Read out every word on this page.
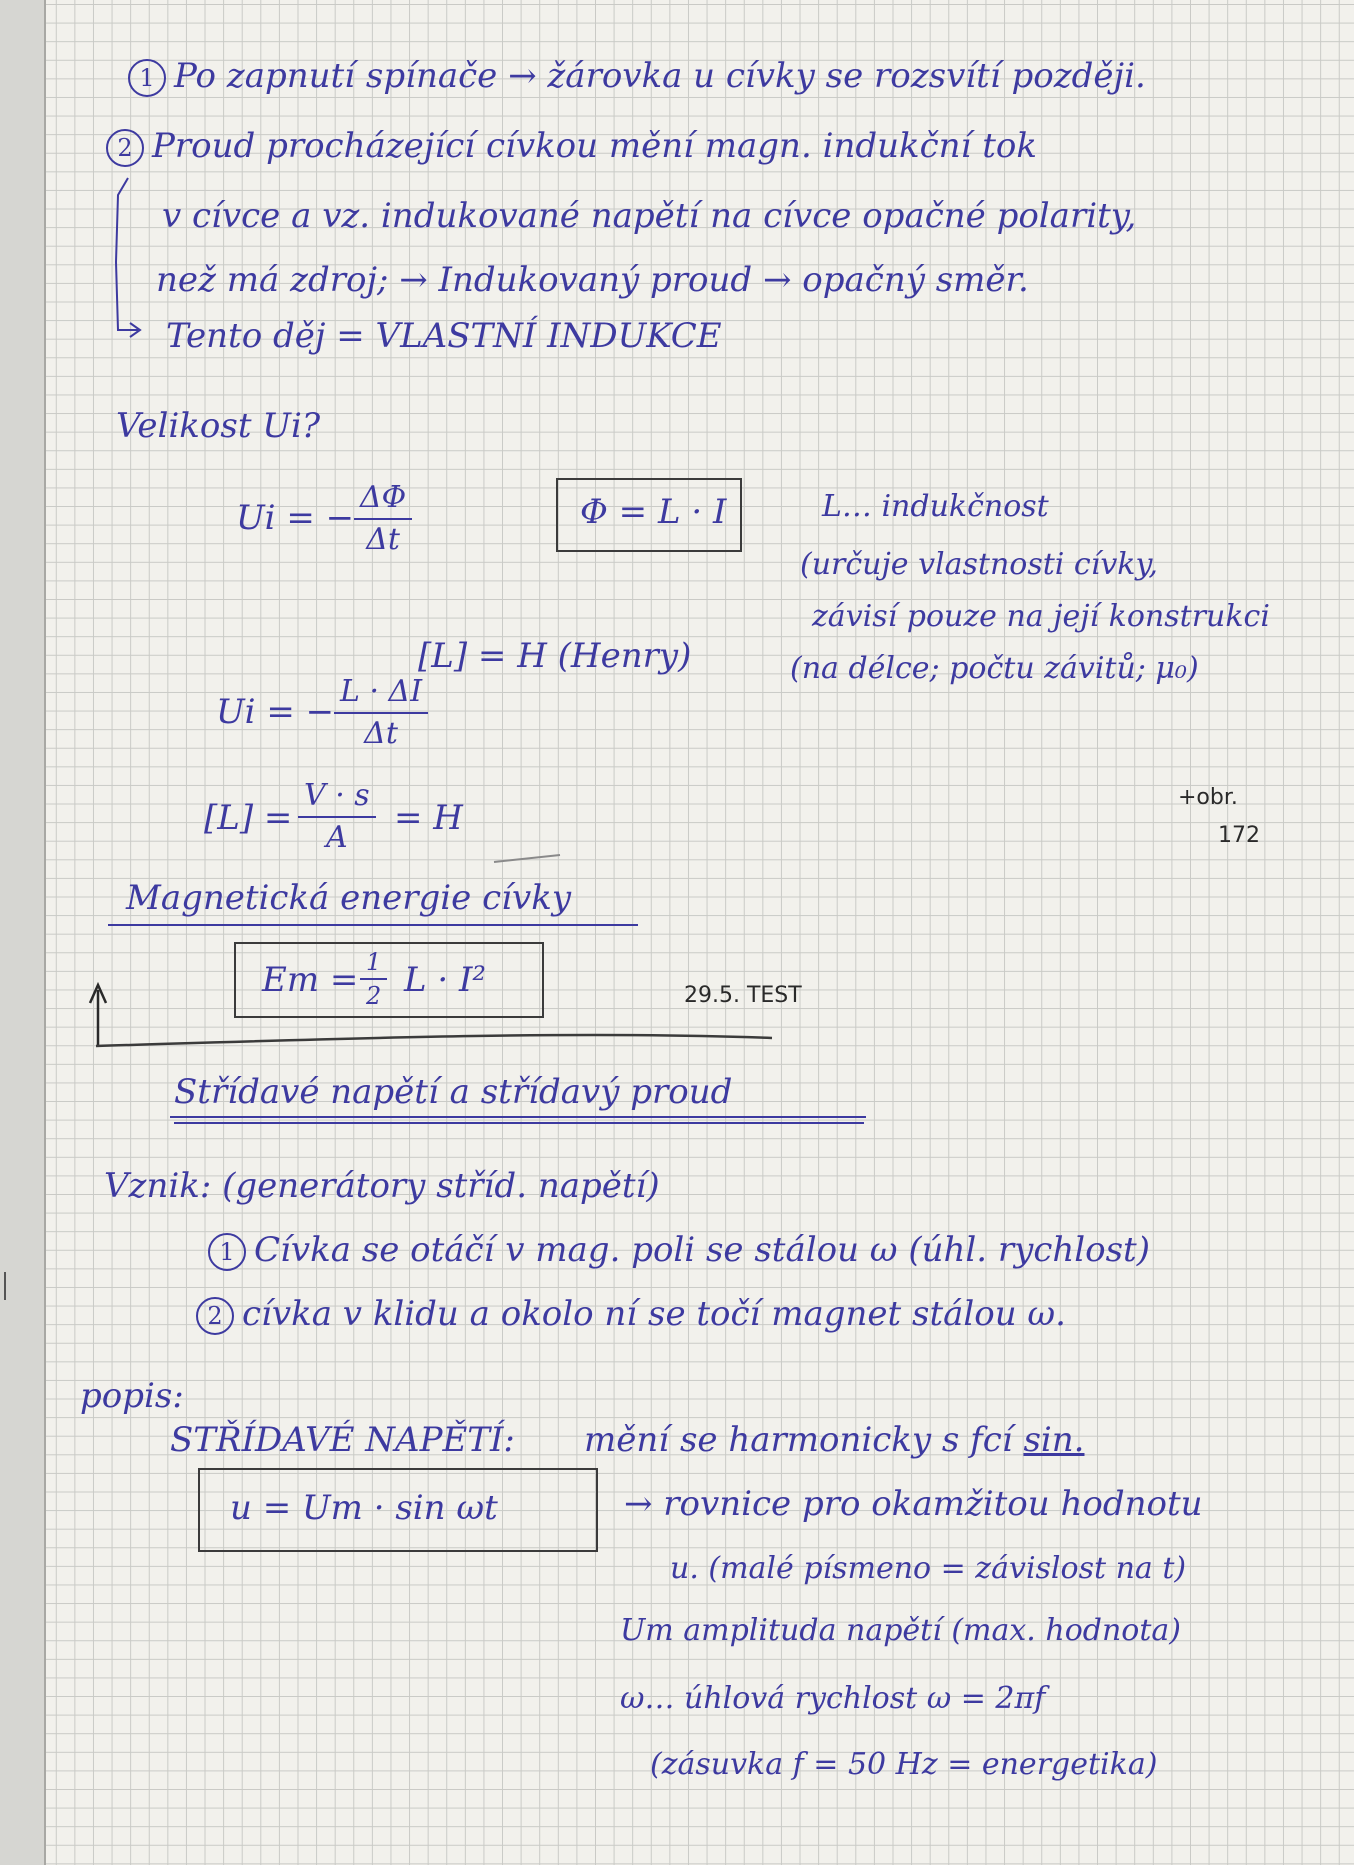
1 Po zapnutí spínače → žárovka u cívky se rozsvítí později.

2 Proud procházející cívkou mění magn. indukční tok

v cívce a vz. indukované napětí na cívce opačné polarity,

než má zdroj; → Indukovaný proud → opačný směr.

Tento děj = VLASTNÍ INDUKCE

Velikost Ui?

Ui = − $\frac{\Delta\Phi}{\Delta t}$	Φ = L · I	L… indukčnost

(určuje vlastnosti cívky,

závisí pouze na její konstrukci

(na délce; počtu závitů; μ₀)

[L] = H (Henry)

Ui = − $\frac{L \cdot \Delta I}{\Delta t}$

$[L] = \frac{V \cdot s}{A} = H$

+obr.

172

Magnetická energie cívky

$Em = \frac{1}{2}$ L · I²	29.5. TEST

Střídavé napětí a střídavý proud

Vznik: (generátory stříd. napětí)

1 Cívka se otáčí v mag. poli se stálou ω (úhl. rychlost)

2 cívka v klidu a okolo ní se točí magnet stálou ω.

popis:

STŘÍDAVÉ NAPĚTÍ: mění se harmonicky s fcí sin.

u = Um · sin ωt	→ rovnice pro okamžitou hodnotu

u. (malé písmeno = závislost na t)

Um amplituda napětí (max. hodnota)

ω… úhlová rychlost ω = 2πf

(zásuvka f = 50 Hz = energetika)
